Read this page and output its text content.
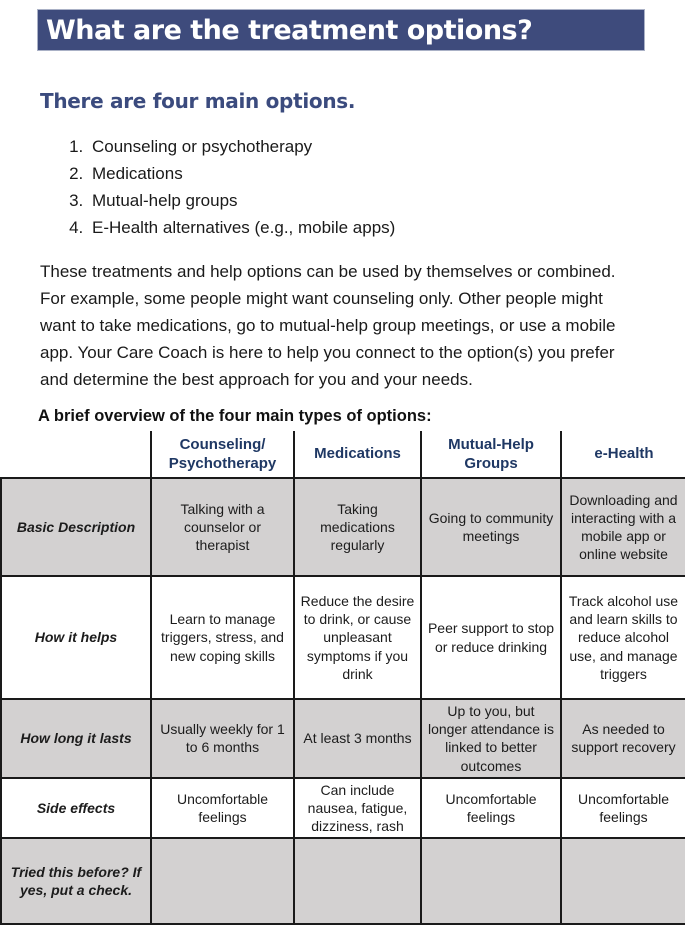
What are the treatment options?
There are four main options.
1. Counseling or psychotherapy
2. Medications
3. Mutual-help groups
4. E-Health alternatives (e.g., mobile apps)
These treatments and help options can be used by themselves or combined. For example, some people might want counseling only. Other people might want to take medications, go to mutual-help group meetings, or use a mobile app. Your Care Coach is here to help you connect to the option(s) you prefer and determine the best approach for you and your needs.
A brief overview of the four main types of options:
	Counseling/ Psychotherapy	Medications	Mutual-Help Groups	e-Health
Basic Description	Talking with a counselor or therapist	Taking medications regularly	Going to community meetings	Downloading and interacting with a mobile app or online website
How it helps	Learn to manage triggers, stress, and new coping skills	Reduce the desire to drink, or cause unpleasant symptoms if you drink	Peer support to stop or reduce drinking	Track alcohol use and learn skills to reduce alcohol use, and manage triggers
How long it lasts	Usually weekly for 1 to 6 months	At least 3 months	Up to you, but longer attendance is linked to better outcomes	As needed to support recovery
Side effects	Uncomfortable feelings	Can include nausea, fatigue, dizziness, rash	Uncomfortable feelings	Uncomfortable feelings
Tried this before? If yes, put a check.				
